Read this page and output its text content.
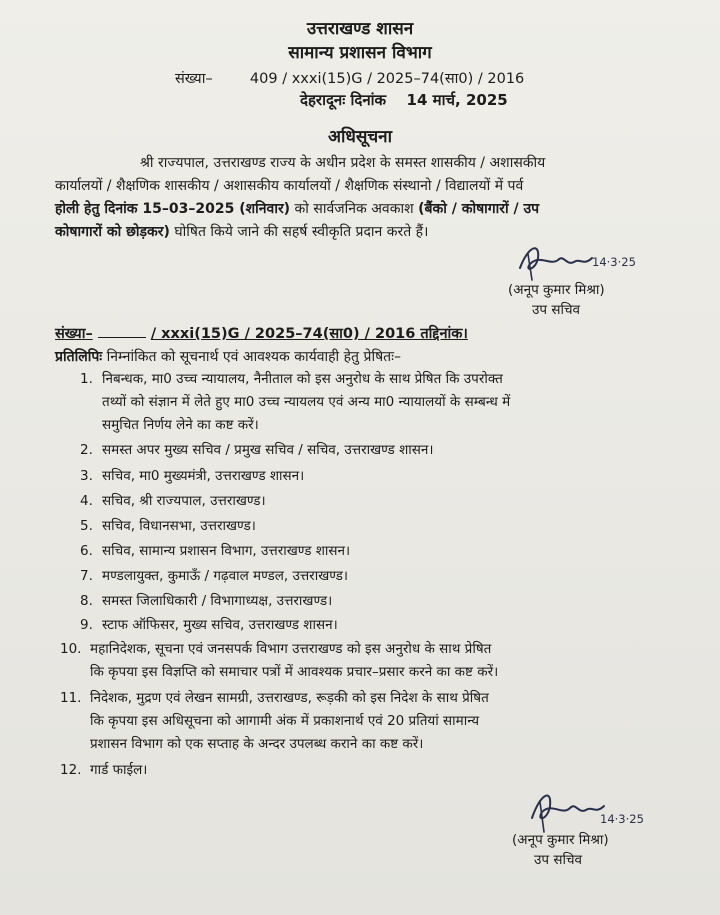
उत्तराखण्ड शासन
सामान्य प्रशासन विभाग
संख्या–	409 / xxxi(15)G / 2025–74(सा0) / 2016
देहरादूनः दिनांक 14 मार्च, 2025
अधिसूचना
श्री राज्यपाल, उत्तराखण्ड राज्य के अधीन प्रदेश के समस्त शासकीय / अशासकीय
कार्यालयों / शैक्षणिक शासकीय / अशासकीय कार्यालयों / शैक्षणिक संस्थानो / विद्यालयों में पर्व
होली हेतु दिनांक 15–03–2025 (शनिवार) को सार्वजनिक अवकाश (बैंको / कोषागारों / उप
कोषागारों को छोड़कर) घोषित किये जाने की सहर्ष स्वीकृति प्रदान करते हैं।
14·3·25
(अनूप कुमार मिश्रा)
उप सचिव
संख्या–	/ xxxi(15)G / 2025–74(सा0) / 2016 तद्दिनांक।
प्रतिलिपिः निम्नांकित को सूचनार्थ एवं आवश्यक कार्यवाही हेतु प्रेषितः–
1. निबन्धक, मा0 उच्च न्यायालय, नैनीताल को इस अनुरोध के साथ प्रेषित कि उपरोक्त
तथ्यों को संज्ञान में लेते हुए मा0 उच्च न्यायलय एवं अन्य मा0 न्यायालयों के सम्बन्ध में
समुचित निर्णय लेने का कष्ट करें।
2. समस्त अपर मुख्य सचिव / प्रमुख सचिव / सचिव, उत्तराखण्ड शासन।
3. सचिव, मा0 मुख्यमंत्री, उत्तराखण्ड शासन।
4. सचिव, श्री राज्यपाल, उत्तराखण्ड।
5. सचिव, विधानसभा, उत्तराखण्ड।
6. सचिव, सामान्य प्रशासन विभाग, उत्तराखण्ड शासन।
7. मण्डलायुक्त, कुमाऊँ / गढ़वाल मण्डल, उत्तराखण्ड।
8. समस्त जिलाधिकारी / विभागाध्यक्ष, उत्तराखण्ड।
9. स्टाफ ऑफिसर, मुख्य सचिव, उत्तराखण्ड शासन।
10. महानिदेशक, सूचना एवं जनसपर्क विभाग उत्तराखण्ड को इस अनुरोध के साथ प्रेषित
कि कृपया इस विज्ञप्ति को समाचार पत्रों में आवश्यक प्रचार–प्रसार करने का कष्ट करें।
11. निदेशक, मुद्रण एवं लेखन सामग्री, उत्तराखण्ड, रूड़की को इस निदेश के साथ प्रेषित
कि कृपया इस अधिसूचना को आगामी अंक में प्रकाशनार्थ एवं 20 प्रतियां सामान्य
प्रशासन विभाग को एक सप्ताह के अन्दर उपलब्ध कराने का कष्ट करें।
12. गार्ड फाईल।
14·3·25
(अनूप कुमार मिश्रा)
उप सचिव
